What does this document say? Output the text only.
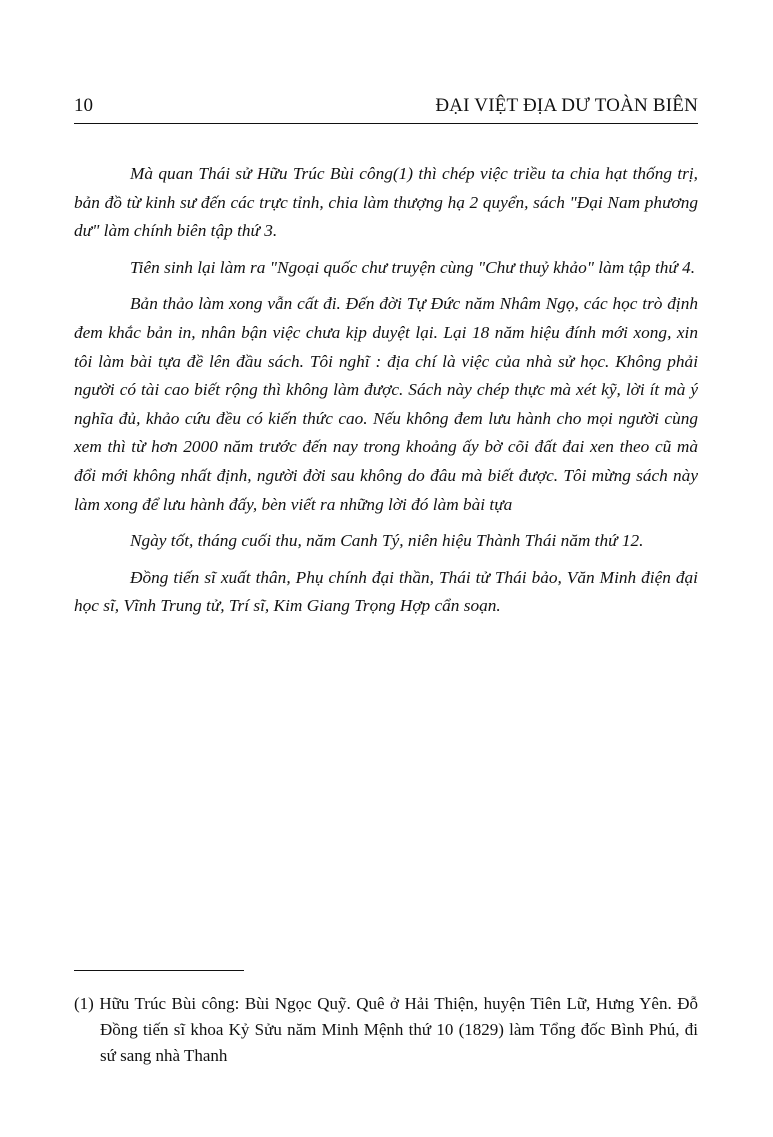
10	ĐẠI VIỆT ĐỊA DƯ TOÀN BIÊN

Mà quan Thái sử Hữu Trúc Bùi công(1) thì chép việc triều ta chia hạt thống trị, bản đồ từ kinh sư đến các trực tỉnh, chia làm thượng hạ 2 quyển, sách "Đại Nam phương dư" làm chính biên tập thứ 3.

Tiên sinh lại làm ra "Ngoại quốc chư truyện cùng "Chư thuỷ khảo" làm tập thứ 4.

Bản thảo làm xong vẫn cất đi. Đến đời Tự Đức năm Nhâm Ngọ, các học trò định đem khắc bản in, nhân bận việc chưa kịp duyệt lại. Lại 18 năm hiệu đính mới xong, xin tôi làm bài tựa đề lên đầu sách. Tôi nghĩ : địa chí là việc của nhà sử học. Không phải người có tài cao biết rộng thì không làm được. Sách này chép thực mà xét kỹ, lời ít mà ý nghĩa đủ, khảo cứu đều có kiến thức cao. Nếu không đem lưu hành cho mọi người cùng xem thì từ hơn 2000 năm trước đến nay trong khoảng ấy bờ cõi đất đai xen theo cũ mà đổi mới không nhất định, người đời sau không do đâu mà biết được. Tôi mừng sách này làm xong để lưu hành đấy, bèn viết ra những lời đó làm bài tựa

Ngày tốt, tháng cuối thu, năm Canh Tý, niên hiệu Thành Thái năm thứ 12.

Đồng tiến sĩ xuất thân, Phụ chính đại thần, Thái tử Thái bảo, Văn Minh điện đại học sĩ, Vĩnh Trung tử, Trí sĩ, Kim Giang Trọng Hợp cẩn soạn.

(1) Hữu Trúc Bùi công: Bùi Ngọc Quỹ. Quê ở Hải Thiện, huyện Tiên Lữ, Hưng Yên. Đỗ Đồng tiến sĩ khoa Kỷ Sửu năm Minh Mệnh thứ 10 (1829) làm Tổng đốc Bình Phú, đi sứ sang nhà Thanh
